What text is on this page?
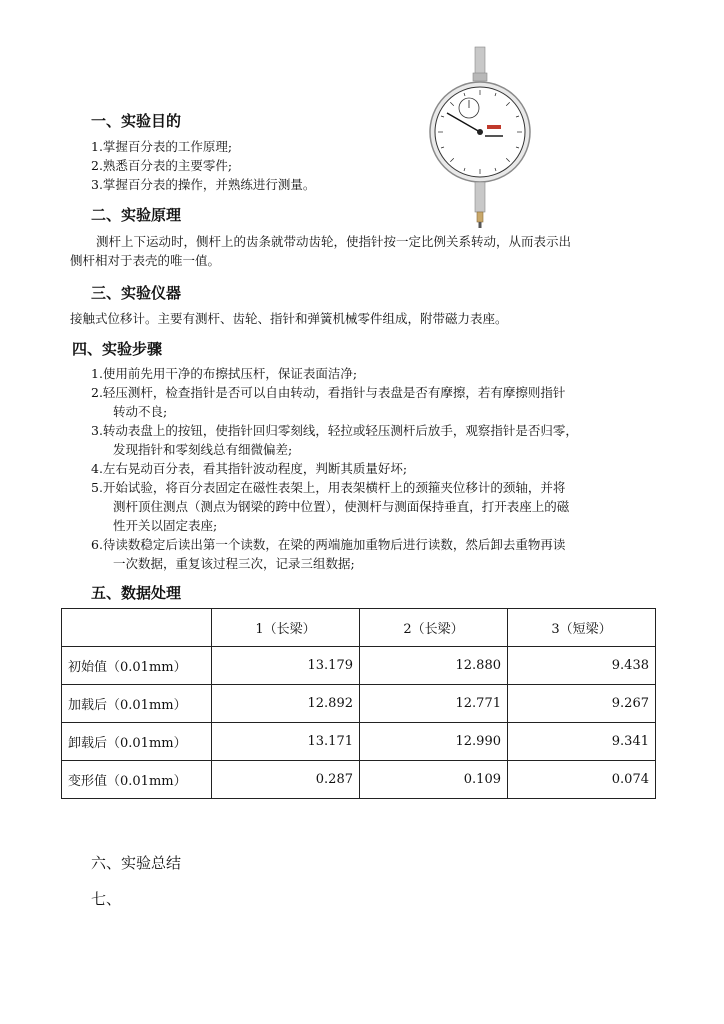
一、实验目的
1.掌握百分表的工作原理;
2.熟悉百分表的主要零件;
3.掌握百分表的操作，并熟练进行测量。
二、实验原理
测杆上下运动时，侧杆上的齿条就带动齿轮，使指针按一定比例关系转动，从而表示出
侧杆相对于表壳的唯一值。
三、实验仪器
接触式位移计。主要有测杆、齿轮、指针和弹簧机械零件组成，附带磁力表座。
四、实验步骤
1.使用前先用干净的布擦拭压杆，保证表面洁净;
2.轻压测杆，检查指针是否可以自由转动，看指针与表盘是否有摩擦，若有摩擦则指针
转动不良;
3.转动表盘上的按钮，使指针回归零刻线，轻拉或轻压测杆后放手，观察指针是否归零，
发现指针和零刻线总有细微偏差;
4.左右晃动百分表，看其指针波动程度，判断其质量好坏;
5.开始试验，将百分表固定在磁性表架上，用表架横杆上的颈箍夹位移计的颈轴，并将
测杆顶住测点（测点为钢梁的跨中位置），使测杆与测面保持垂直，打开表座上的磁
性开关以固定表座;
6.待读数稳定后读出第一个读数，在梁的两端施加重物后进行读数，然后卸去重物再读
一次数据，重复该过程三次，记录三组数据;
五、数据处理
	1（长梁）	2（长梁）	3（短梁）
初始值（0.01mm）	13.179	12.880	9.438
加载后（0.01mm）	12.892	12.771	9.267
卸载后（0.01mm）	13.171	12.990	9.341
变形值（0.01mm）	0.287	0.109	0.074
六、实验总结
七、
